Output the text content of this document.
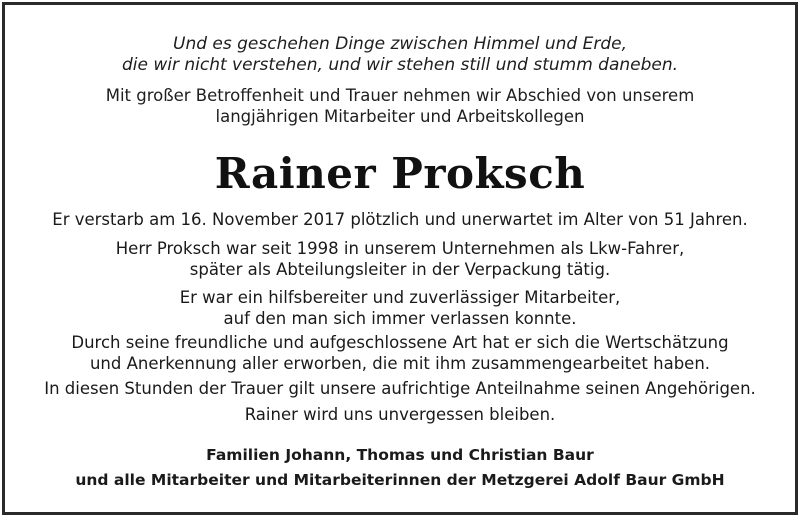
Und es geschehen Dinge zwischen Himmel und Erde,
die wir nicht verstehen, und wir stehen still und stumm daneben.
Mit großer Betroffenheit und Trauer nehmen wir Abschied von unserem
langjährigen Mitarbeiter und Arbeitskollegen
Rainer Proksch
Er verstarb am 16. November 2017 plötzlich und unerwartet im Alter von 51 Jahren.
Herr Proksch war seit 1998 in unserem Unternehmen als Lkw-Fahrer,
später als Abteilungsleiter in der Verpackung tätig.
Er war ein hilfsbereiter und zuverlässiger Mitarbeiter,
auf den man sich immer verlassen konnte.
Durch seine freundliche und aufgeschlossene Art hat er sich die Wertschätzung
und Anerkennung aller erworben, die mit ihm zusammengearbeitet haben.
In diesen Stunden der Trauer gilt unsere aufrichtige Anteilnahme seinen Angehörigen.
Rainer wird uns unvergessen bleiben.
Familien Johann, Thomas und Christian Baur
und alle Mitarbeiter und Mitarbeiterinnen der Metzgerei Adolf Baur GmbH
